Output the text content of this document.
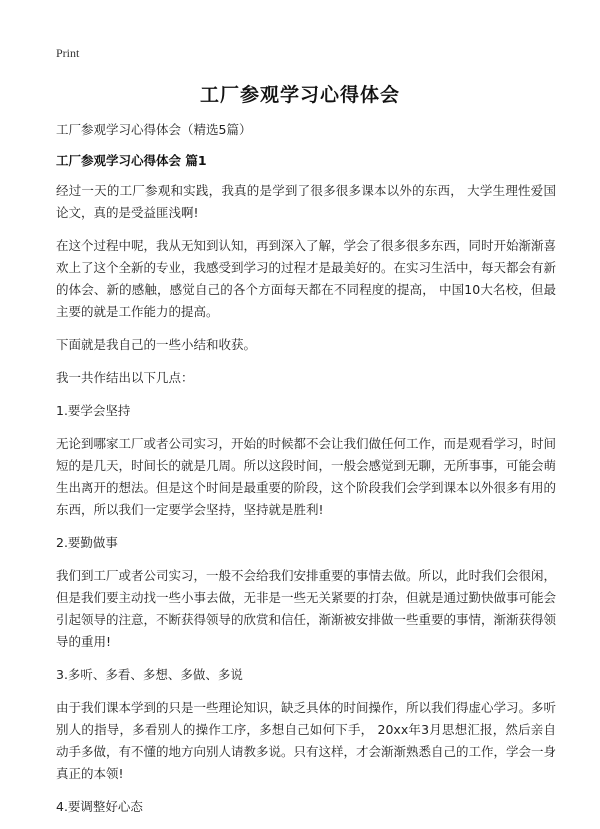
Print
工厂参观学习心得体会

工厂参观学习心得体会（精选5篇）

工厂参观学习心得体会 篇1

经过一天的工厂参观和实践，我真的是学到了很多很多课本以外的东西， 大学生理性爱国论文，真的是受益匪浅啊!

在这个过程中呢，我从无知到认知，再到深入了解，学会了很多很多东西，同时开始渐渐喜欢上了这个全新的专业，我感受到学习的过程才是最美好的。在实习生活中，每天都会有新的体会、新的感触，感觉自己的各个方面每天都在不同程度的提高， 中国10大名校，但最主要的就是工作能力的提高。

下面就是我自己的一些小结和收获。

我一共作结出以下几点：

1.要学会坚持

无论到哪家工厂或者公司实习，开始的时候都不会让我们做任何工作，而是观看学习，时间短的是几天，时间长的就是几周。所以这段时间，一般会感觉到无聊，无所事事，可能会萌生出离开的想法。但是这个时间是最重要的阶段，这个阶段我们会学到课本以外很多有用的东西，所以我们一定要学会坚持，坚持就是胜利!

2.要勤做事

我们到工厂或者公司实习，一般不会给我们安排重要的事情去做。所以，此时我们会很闲，但是我们要主动找一些小事去做，无非是一些无关紧要的打杂，但就是通过勤快做事可能会引起领导的注意，不断获得领导的欣赏和信任，渐渐被安排做一些重要的事情，渐渐获得领导的重用!

3.多听、多看、多想、多做、多说

由于我们课本学到的只是一些理论知识，缺乏具体的时间操作，所以我们得虚心学习。多听别人的指导，多看别人的操作工序，多想自己如何下手， 20xx年3月思想汇报，然后亲自动手多做，有不懂的地方向别人请教多说。只有这样，才会渐渐熟悉自己的工作，学会一身真正的本领!

4.要调整好心态
